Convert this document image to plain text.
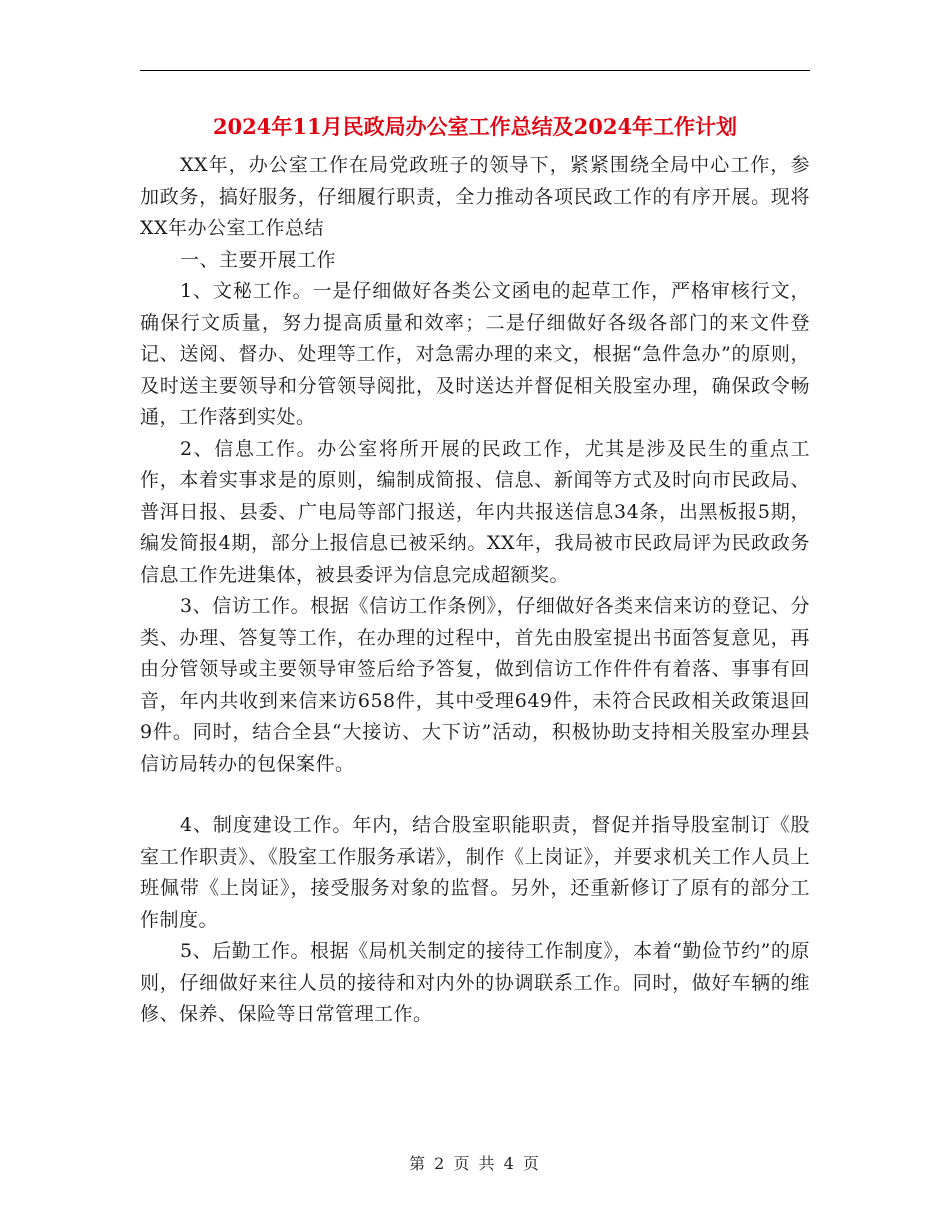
2024年11月民政局办公室工作总结及2024年工作计划

XX年，办公室工作在局党政班子的领导下，紧紧围绕全局中心工作，参加政务，搞好服务，仔细履行职责，全力推动各项民政工作的有序开展。现将XX年办公室工作总结

一、主要开展工作

1、文秘工作。一是仔细做好各类公文函电的起草工作，严格审核行文，确保行文质量，努力提高质量和效率；二是仔细做好各级各部门的来文件登记、送阅、督办、处理等工作，对急需办理的来文，根据“急件急办”的原则，及时送主要领导和分管领导阅批，及时送达并督促相关股室办理，确保政令畅通，工作落到实处。

2、信息工作。办公室将所开展的民政工作，尤其是涉及民生的重点工作，本着实事求是的原则，编制成简报、信息、新闻等方式及时向市民政局、普洱日报、县委、广电局等部门报送，年内共报送信息34条，出黑板报5期，编发简报4期，部分上报信息已被采纳。XX年，我局被市民政局评为民政政务信息工作先进集体，被县委评为信息完成超额奖。

3、信访工作。根据《信访工作条例》，仔细做好各类来信来访的登记、分类、办理、答复等工作，在办理的过程中，首先由股室提出书面答复意见，再由分管领导或主要领导审签后给予答复，做到信访工作件件有着落、事事有回音，年内共收到来信来访658件，其中受理649件，未符合民政相关政策退回9件。同时，结合全县“大接访、大下访”活动，积极协助支持相关股室办理县信访局转办的包保案件。

4、制度建设工作。年内，结合股室职能职责，督促并指导股室制订《股室工作职责》、《股室工作服务承诺》，制作《上岗证》，并要求机关工作人员上班佩带《上岗证》，接受服务对象的监督。另外，还重新修订了原有的部分工作制度。

5、后勤工作。根据《局机关制定的接待工作制度》，本着“勤俭节约”的原则，仔细做好来往人员的接待和对内外的协调联系工作。同时，做好车辆的维修、保养、保险等日常管理工作。

第 2 页 共 4 页
